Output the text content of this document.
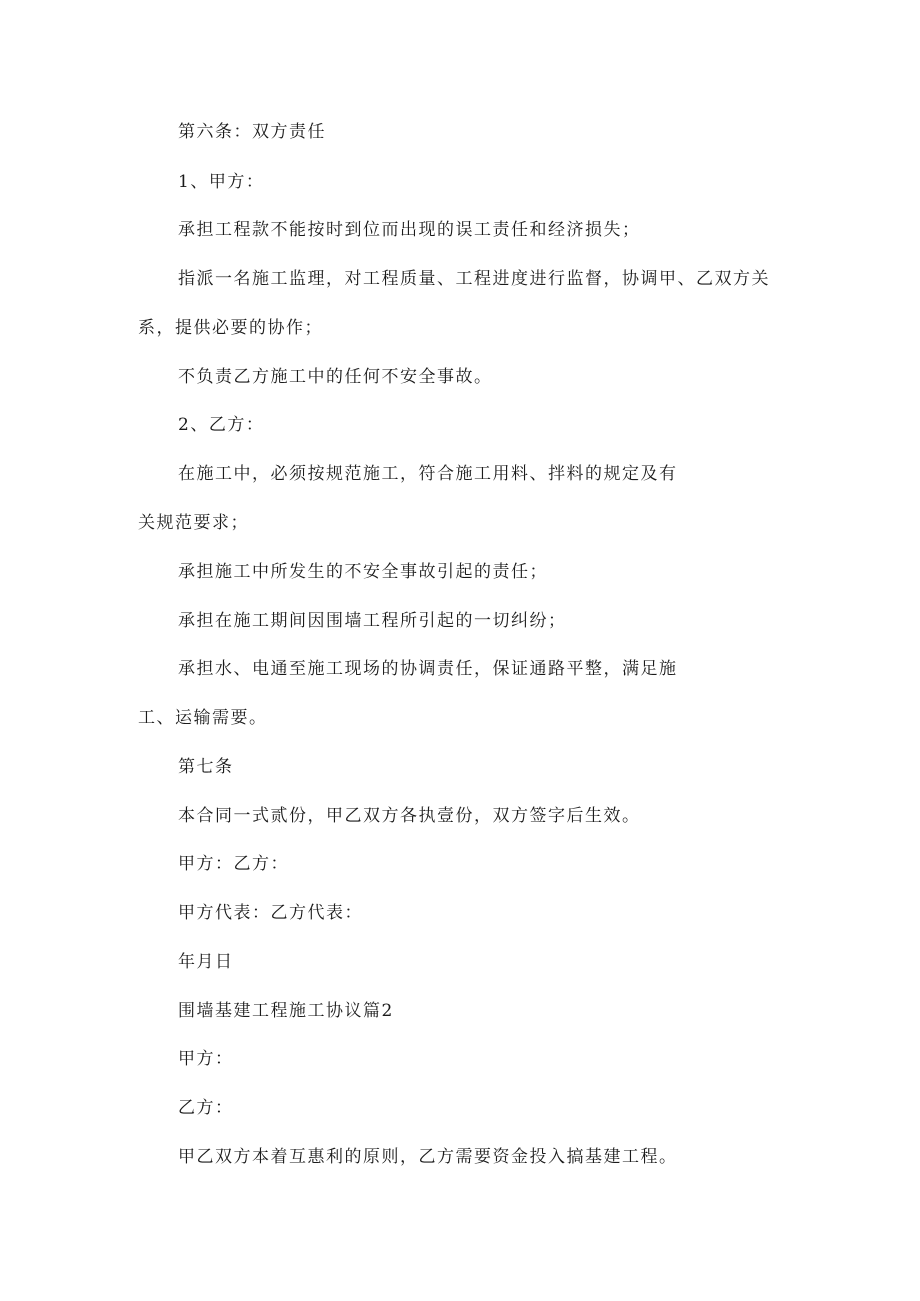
第六条：双方责任
1、甲方：
承担工程款不能按时到位而出现的误工责任和经济损失；
指派一名施工监理，对工程质量、工程进度进行监督，协调甲、乙双方关
系，提供必要的协作；
不负责乙方施工中的任何不安全事故。
2、乙方：
在施工中，必须按规范施工，符合施工用料、拌料的规定及有
关规范要求；
承担施工中所发生的不安全事故引起的责任；
承担在施工期间因围墙工程所引起的一切纠纷；
承担水、电通至施工现场的协调责任，保证通路平整，满足施
工、运输需要。
第七条
本合同一式贰份，甲乙双方各执壹份，双方签字后生效。
甲方：乙方：
甲方代表：乙方代表：
年月日
围墙基建工程施工协议篇2
甲方：
乙方：
甲乙双方本着互惠利的原则，乙方需要资金投入搞基建工程。
